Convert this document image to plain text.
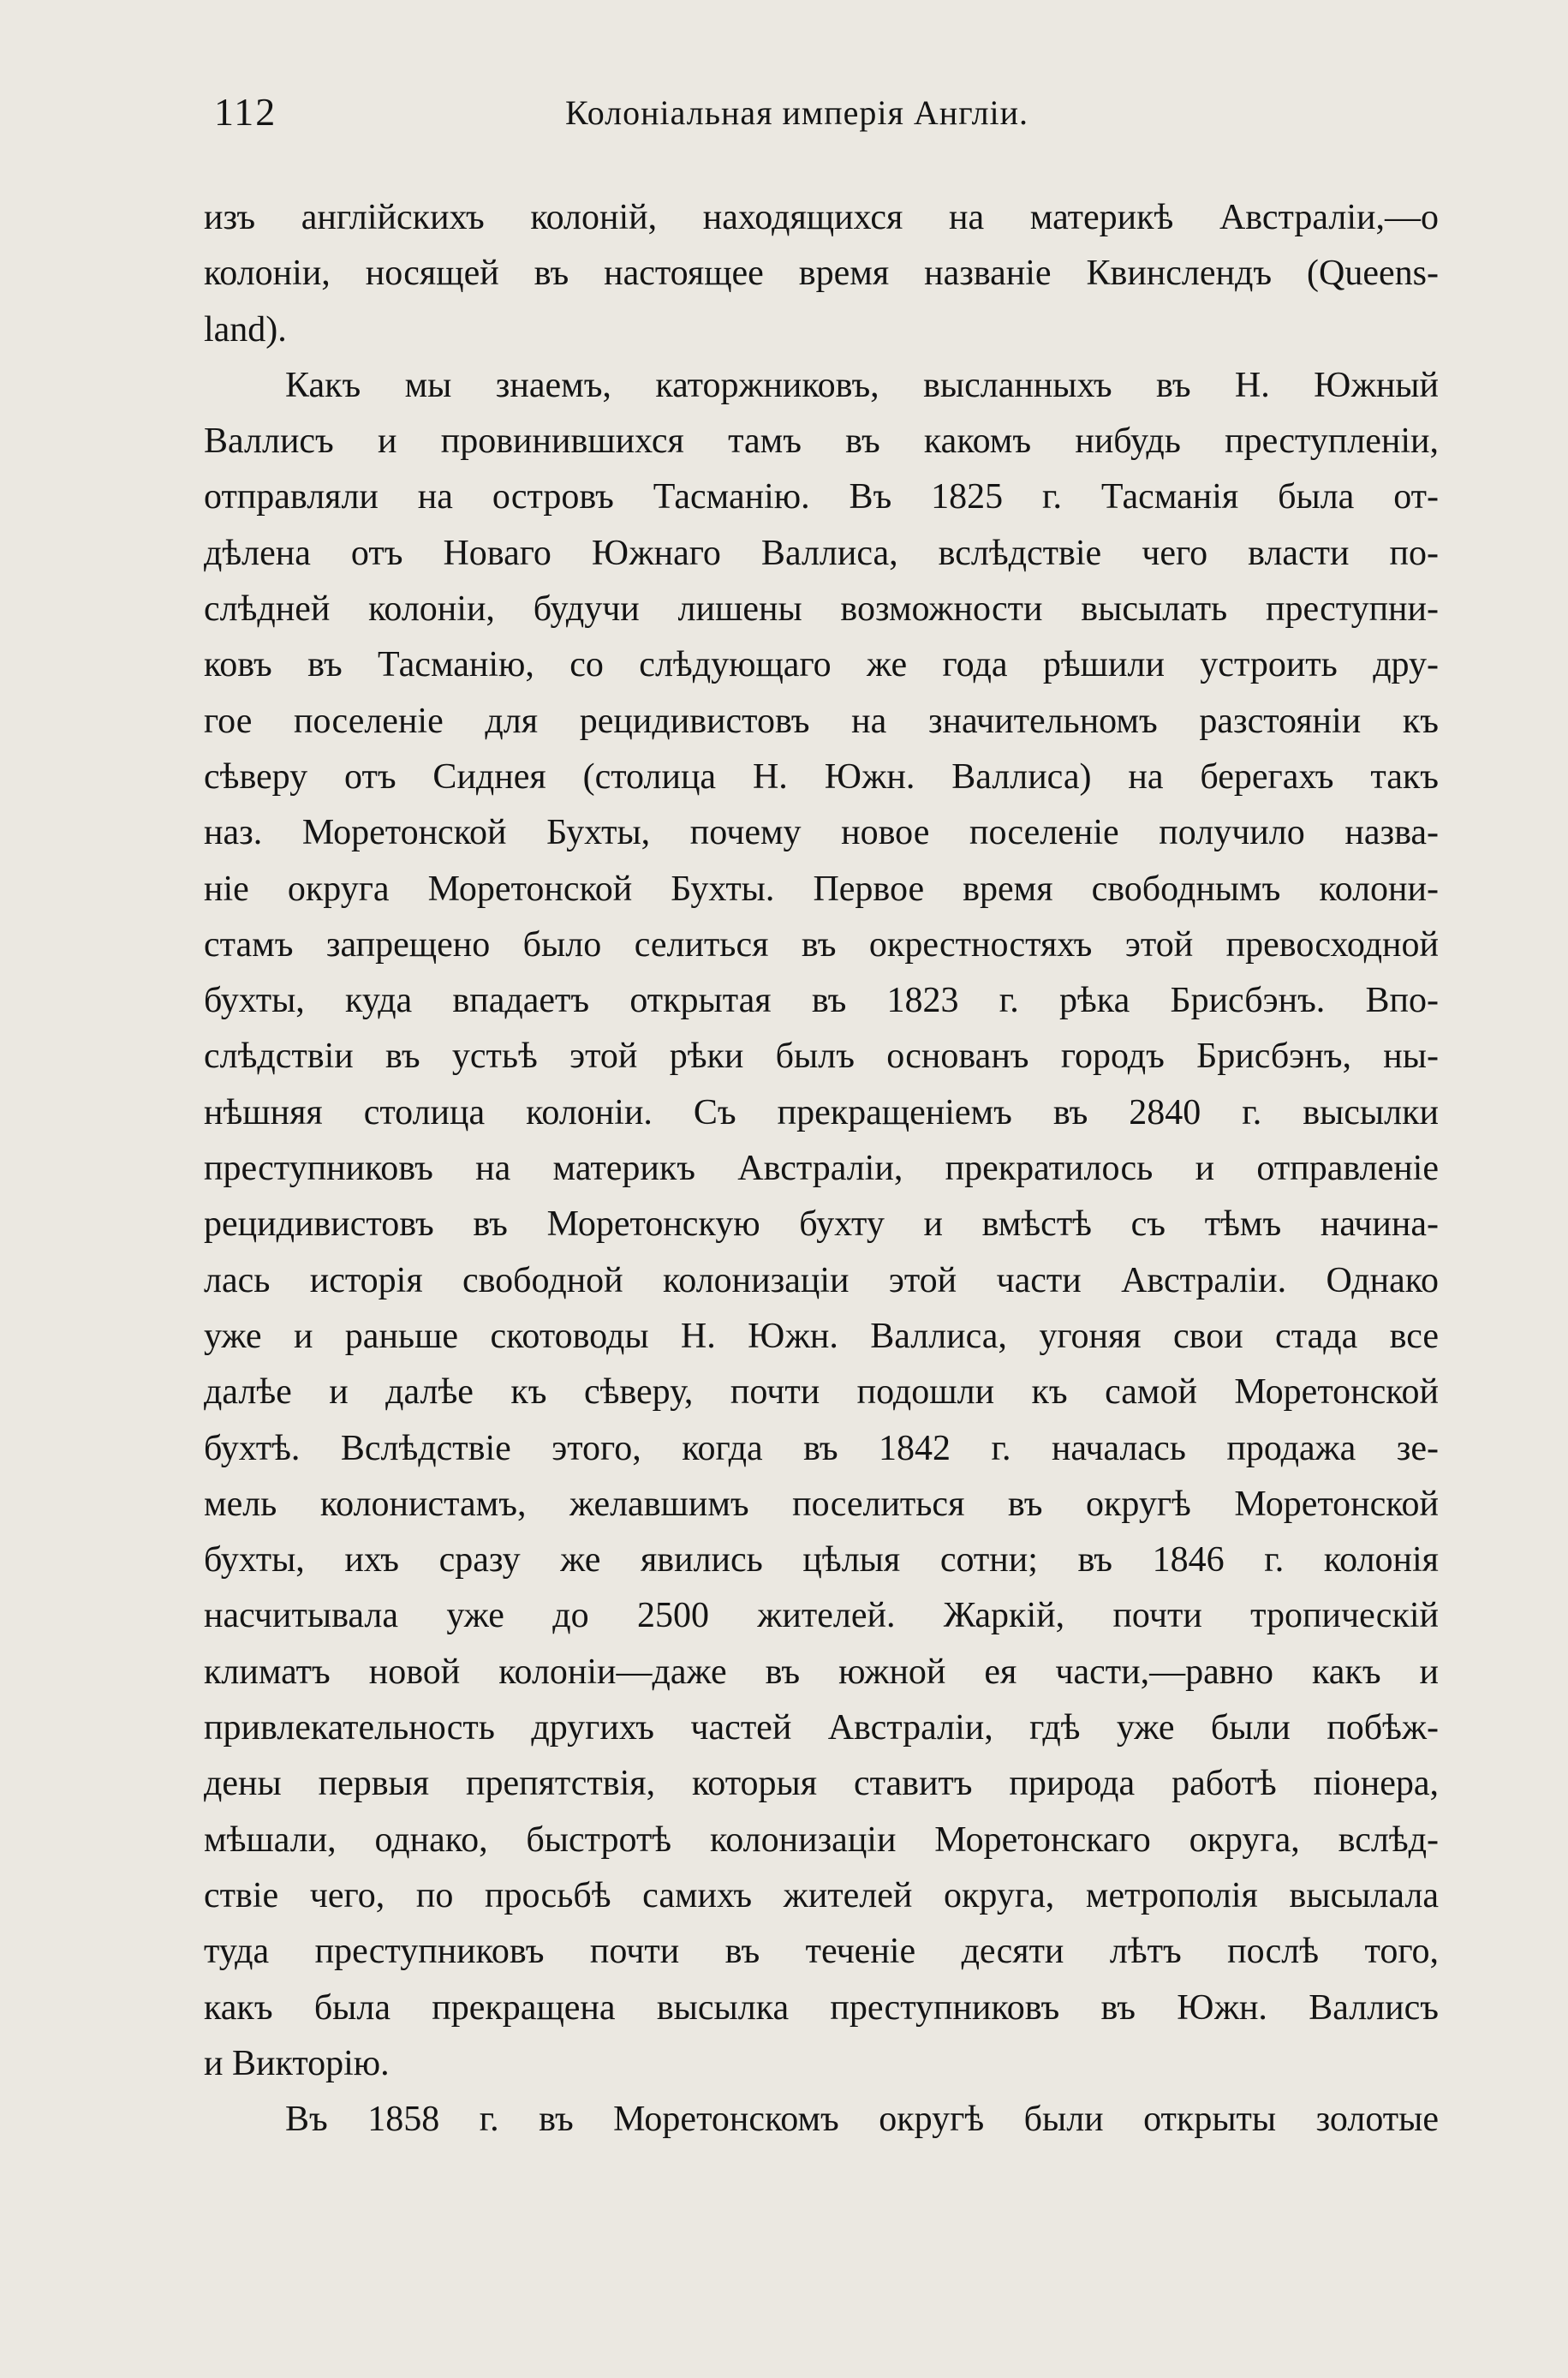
112	Колоніальная имперія Англіи.
изъ англійскихъ колоній, находящихся на материкѣ Австраліи,—о
колоніи, носящей въ настоящее время названіе Квинслендъ (Queens-
land).
Какъ мы знаемъ, каторжниковъ, высланныхъ въ Н. Южный
Валлисъ и провинившихся тамъ въ какомъ нибудь преступленіи,
отправляли на островъ Тасманію. Въ 1825 г. Тасманія была от-
дѣлена отъ Новаго Южнаго Валлиса, вслѣдствіе чего власти по-
слѣдней колоніи, будучи лишены возможности высылать преступни-
ковъ въ Тасманію, со слѣдующаго же года рѣшили устроить дру-
гое поселеніе для рецидивистовъ на значительномъ разстояніи къ
сѣверу отъ Сиднея (столица Н. Южн. Валлиса) на берегахъ такъ
наз. Моретонской Бухты, почему новое поселеніе получило назва-
ніе округа Моретонской Бухты. Первое время свободнымъ колони-
стамъ запрещено было селиться въ окрестностяхъ этой превосходной
бухты, куда впадаетъ открытая въ 1823 г. рѣка Брисбэнъ. Впо-
слѣдствіи въ устьѣ этой рѣки былъ основанъ городъ Брисбэнъ, ны-
нѣшняя столица колоніи. Съ прекращеніемъ въ 2840 г. высылки
преступниковъ на материкъ Австраліи, прекратилось и отправленіе
рецидивистовъ въ Моретонскую бухту и вмѣстѣ съ тѣмъ начина-
лась исторія свободной колонизаціи этой части Австраліи. Однако
уже и раньше скотоводы Н. Южн. Валлиса, угоняя свои стада все
далѣе и далѣе къ сѣверу, почти подошли къ самой Моретонской
бухтѣ. Вслѣдствіе этого, когда въ 1842 г. началась продажа зе-
мель колонистамъ, желавшимъ поселиться въ округѣ Моретонской
бухты, ихъ сразу же явились цѣлыя сотни; въ 1846 г. колонія
насчитывала уже до 2500 жителей. Жаркій, почти тропическій
климатъ новой колоніи—даже въ южной ея части,—равно какъ и
привлекательность другихъ частей Австраліи, гдѣ уже были побѣж-
дены первыя препятствія, которыя ставитъ природа работѣ піонера,
мѣшали, однако, быстротѣ колонизаціи Моретонскаго округа, вслѣд-
ствіе чего, по просьбѣ самихъ жителей округа, метрополія высылала
туда преступниковъ почти въ теченіе десяти лѣтъ послѣ того,
какъ была прекращена высылка преступниковъ въ Южн. Валлисъ
и Викторію.
Въ 1858 г. въ Моретонскомъ округѣ были открыты золотые
